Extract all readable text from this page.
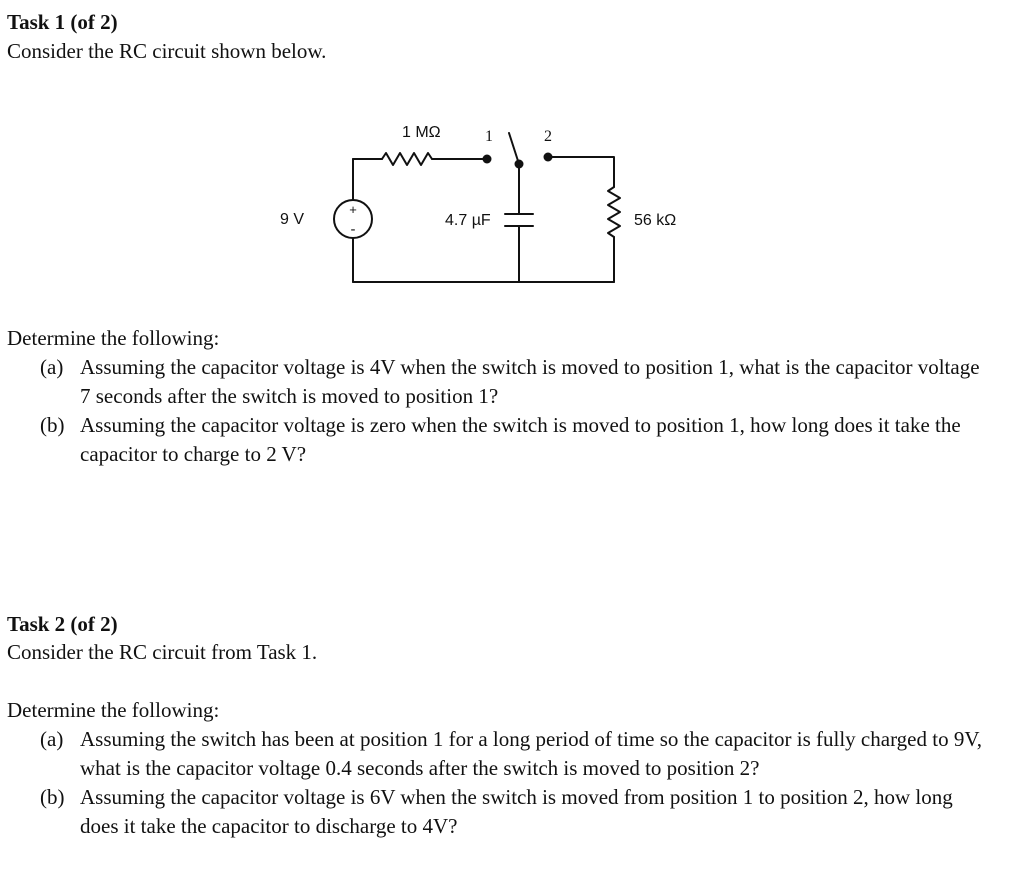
Task 1 (of 2)
Consider the RC circuit shown below.
+
-
9 V
1 MΩ	1	2
4.7 µF	56 kΩ
Determine the following:
(a) Assuming the capacitor voltage is 4V when the switch is moved to position 1, what is the capacitor voltage 7 seconds after the switch is moved to position 1?
(b) Assuming the capacitor voltage is zero when the switch is moved to position 1, how long does it take the capacitor to charge to 2 V?
Task 2 (of 2)
Consider the RC circuit from Task 1.
Determine the following:
(a) Assuming the switch has been at position 1 for a long period of time so the capacitor is fully charged to 9V, what is the capacitor voltage 0.4 seconds after the switch is moved to position 2?
(b) Assuming the capacitor voltage is 6V when the switch is moved from position 1 to position 2, how long does it take the capacitor to discharge to 4V?
